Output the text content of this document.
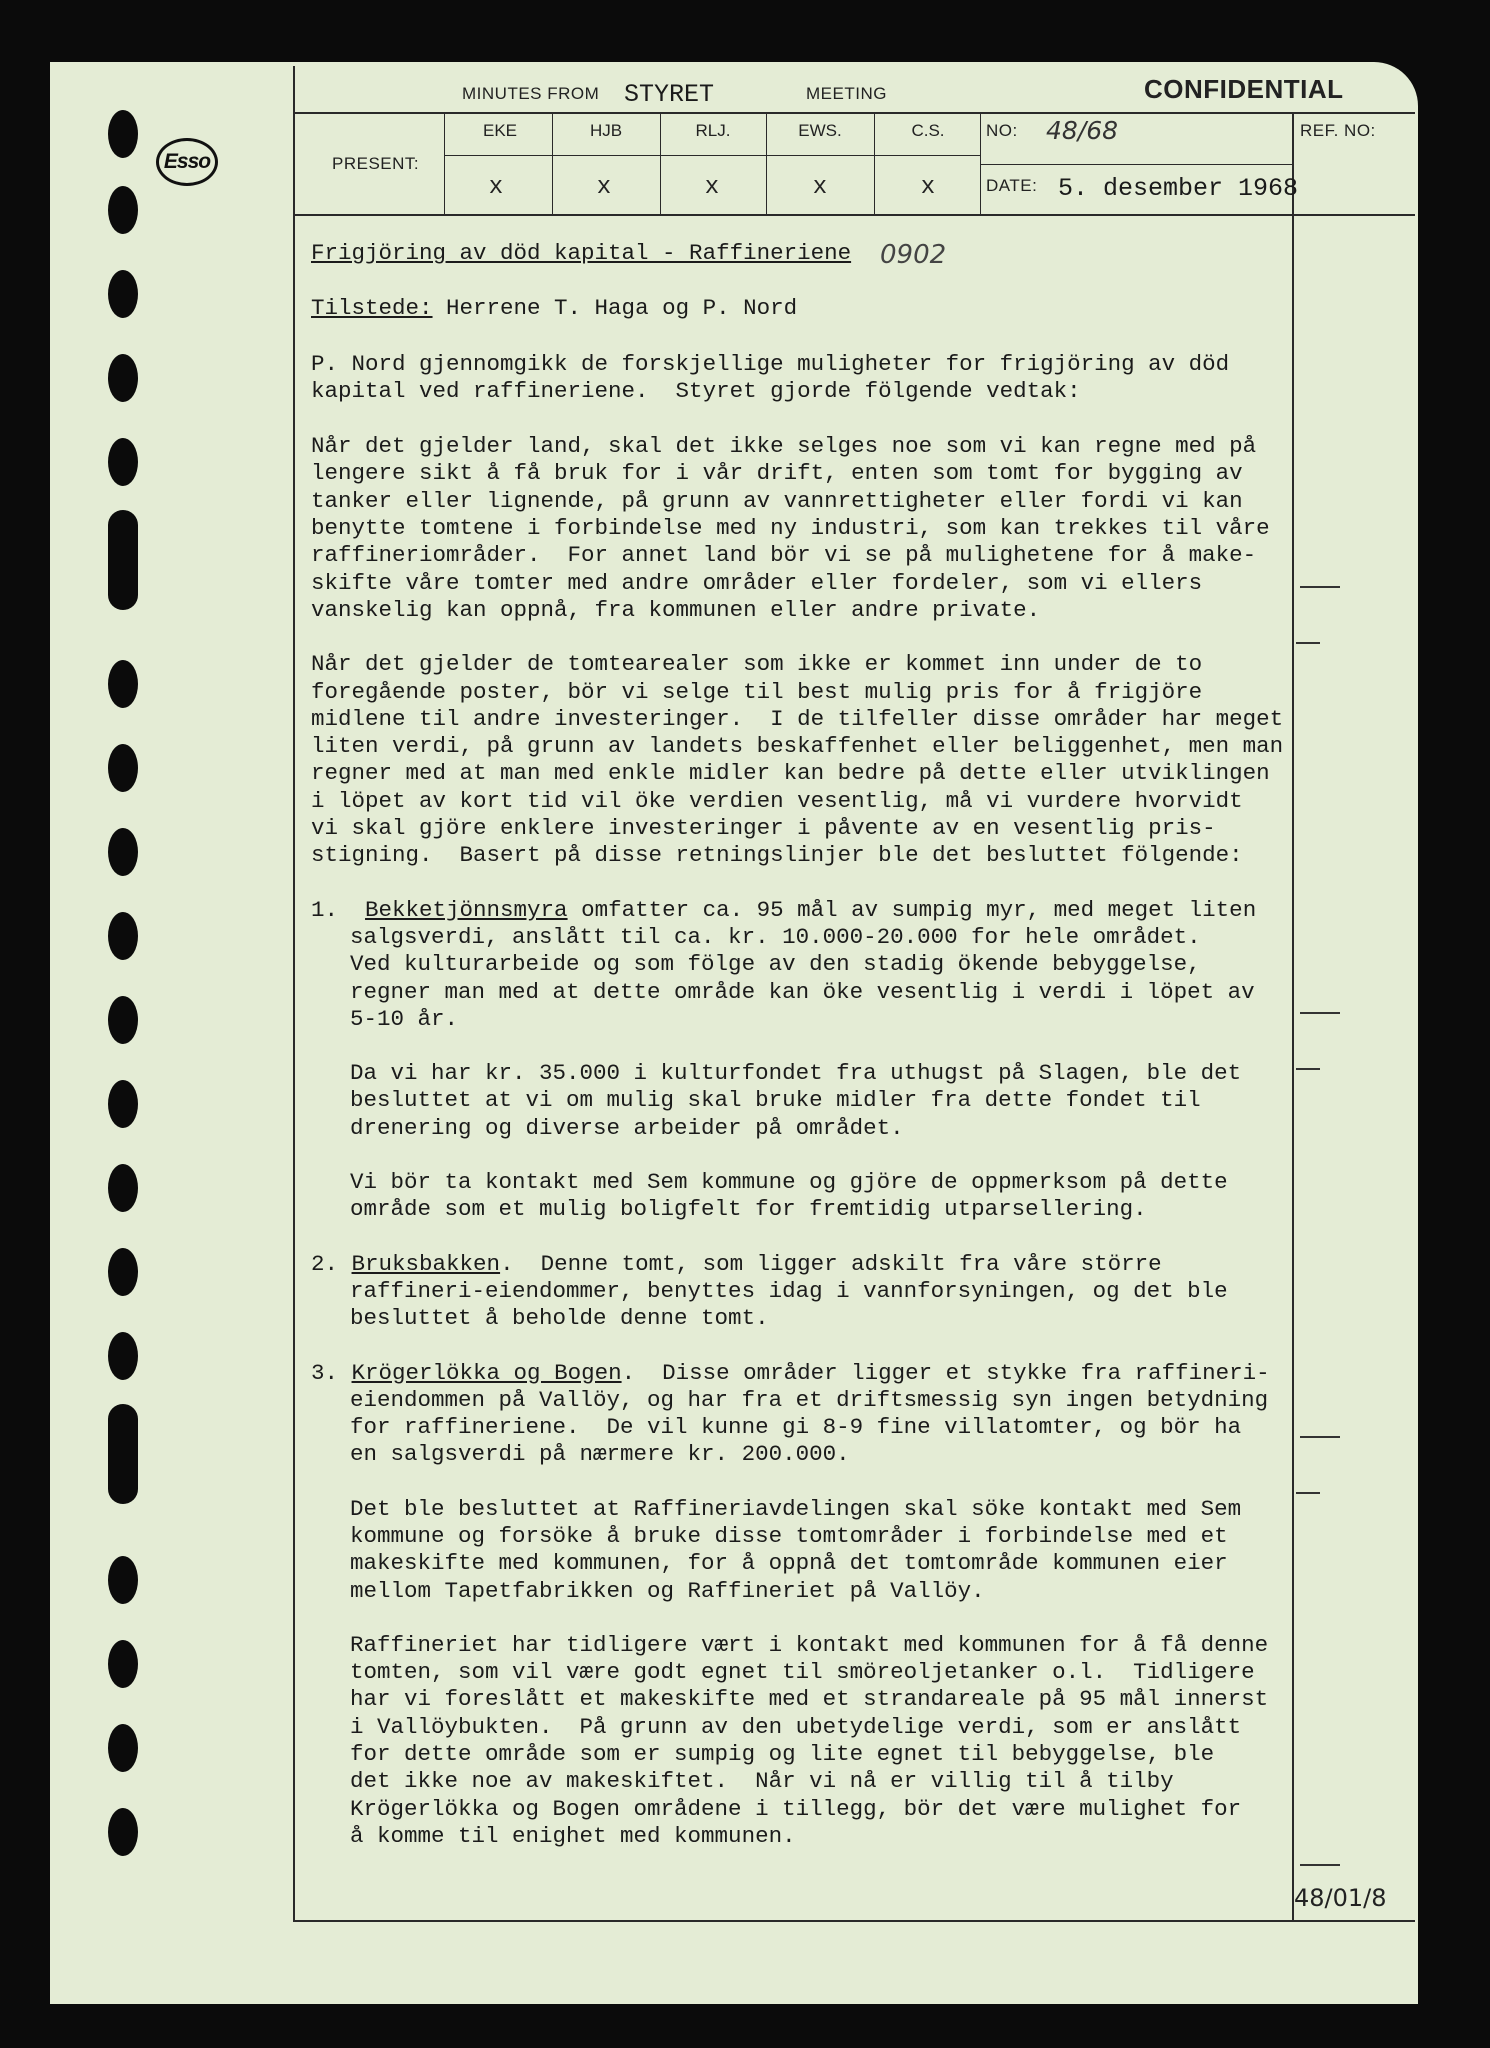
Esso
MINUTES FROM STYRET	MEETING	CONFIDENTIAL
PRESENT:
EKE	HJB	RLJ.	EWS.	C.S.
x	x	x	x	x
NO: 48/68
DATE: 5. desember 1968
REF. NO:
0902

Frigjöring av död kapital - Raffineriene

Tilstede: Herrene T. Haga og P. Nord

P. Nord gjennomgikk de forskjellige muligheter for frigjöring av död

kapital ved raffineriene.  Styret gjorde fölgende vedtak:

Når det gjelder land, skal det ikke selges noe som vi kan regne med på

lengere sikt å få bruk for i vår drift, enten som tomt for bygging av

tanker eller lignende, på grunn av vannrettigheter eller fordi vi kan

benytte tomtene i forbindelse med ny industri, som kan trekkes til våre

raffineriområder.  For annet land bör vi se på mulighetene for å make-

skifte våre tomter med andre områder eller fordeler, som vi ellers

vanskelig kan oppnå, fra kommunen eller andre private.

Når det gjelder de tomtearealer som ikke er kommet inn under de to

foregående poster, bör vi selge til best mulig pris for å frigjöre

midlene til andre investeringer.  I de tilfeller disse områder har meget

liten verdi, på grunn av landets beskaffenhet eller beliggenhet, men man

regner med at man med enkle midler kan bedre på dette eller utviklingen

i löpet av kort tid vil öke verdien vesentlig, må vi vurdere hvorvidt

vi skal gjöre enklere investeringer i påvente av en vesentlig pris-

stigning.  Basert på disse retningslinjer ble det besluttet fölgende:

1. Bekketjönnsmyra omfatter ca. 95 mål av sumpig myr, med meget liten

salgsverdi, anslått til ca. kr. 10.000-20.000 for hele området.

Ved kulturarbeide og som fölge av den stadig ökende bebyggelse,

regner man med at dette område kan öke vesentlig i verdi i löpet av

5-10 år.

Da vi har kr. 35.000 i kulturfondet fra uthugst på Slagen, ble det

besluttet at vi om mulig skal bruke midler fra dette fondet til

drenering og diverse arbeider på området.

Vi bör ta kontakt med Sem kommune og gjöre de oppmerksom på dette

område som et mulig boligfelt for fremtidig utparsellering.

2. Bruksbakken.  Denne tomt, som ligger adskilt fra våre större

raffineri-eiendommer, benyttes idag i vannforsyningen, og det ble

besluttet å beholde denne tomt.

3. Krögerlökka og Bogen.  Disse områder ligger et stykke fra raffineri-

eiendommen på Vallöy, og har fra et driftsmessig syn ingen betydning

for raffineriene.  De vil kunne gi 8-9 fine villatomter, og bör ha

en salgsverdi på nærmere kr. 200.000.

Det ble besluttet at Raffineriavdelingen skal söke kontakt med Sem

kommune og forsöke å bruke disse tomtområder i forbindelse med et

makeskifte med kommunen, for å oppnå det tomtområde kommunen eier

mellom Tapetfabrikken og Raffineriet på Vallöy.

Raffineriet har tidligere vært i kontakt med kommunen for å få denne

tomten, som vil være godt egnet til smöreoljetanker o.l.  Tidligere

har vi foreslått et makeskifte med et strandareale på 95 mål innerst

i Vallöybukten.  På grunn av den ubetydelige verdi, som er anslått

for dette område som er sumpig og lite egnet til bebyggelse, ble

det ikke noe av makeskiftet.  Når vi nå er villig til å tilby

Krögerlökka og Bogen områdene i tillegg, bör det være mulighet for

å komme til enighet med kommunen.

48/01/8
